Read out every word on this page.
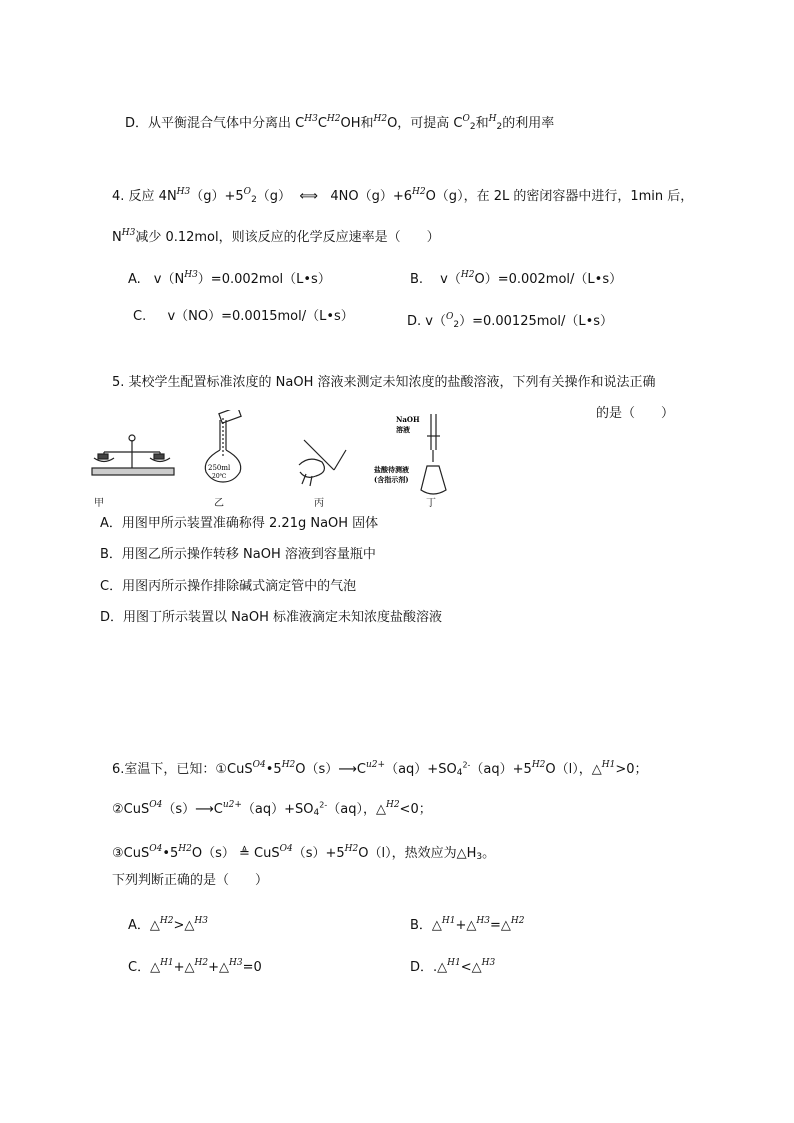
D．从平衡混合气体中分离出 $C^{H3}C^{H2}OH$和$^{H2}$O，可提高 $C^O_2$和$^H_2$的利用率
4. 反应 $4N^{H3}(g)+5^O_2(g)$  ⟺   $4NO(g)+6^{H2}O(g)$，在 2L 的密闭容器中进行，1min 后，
$N^{H3}$减少 0.12mol，则该反应的化学反应速率是（　　）
A.　$v(N^{H3})=0.002mol(L•s)$	B.　 v（$^{H2}$O）=0.002mol/（L•s）
C.　  v（NO）=0.0015mol/（L•s）	D. v（$^O_2$）=0.00125mol/（L•s）
5. 某校学生配置标准浓度的 NaOH 溶液来测定未知浓度的盐酸溶液，下列有关操作和说法正确
的是（　　）
250ml
20℃
NaOH
溶液
盐酸待测液
(含指示剂)
甲	乙	丙	丁
A．用图甲所示装置准确称得 2.21g NaOH 固体
B．用图乙所示操作转移 NaOH 溶液到容量瓶中
C．用图丙所示操作排除碱式滴定管中的气泡
D．用图丁所示装置以 NaOH 标准液滴定未知浓度盐酸溶液
6.室温下，已知：$①CuS^{O4}•5^{H2}O(s)⟶C^{u2+}(aq)+SO_4^{2-}(aq)+5^{H2}O(l)$，△$^{H1}$>0；
$②CuS^{O4}(s)⟶C^{u2+}(aq)+SO_4^{2-}(aq)$，△$^{H2}$<0；
$③CuS^{O4}•5^{H2}O(s)$ ≜ $CuS^{O4}(s)+5^{H2}O(l)$，热效应为$\triangle H_3$。
下列判断正确的是（　　）
A．△$^{H2}$>△$^{H3}$	B．△$^{H1}$+△$^{H3}$=△$^{H2}$
C．△$^{H1}$+△$^{H2}$+△$^{H3}$=0	D．.△$^{H1}$<△$^{H3}$
